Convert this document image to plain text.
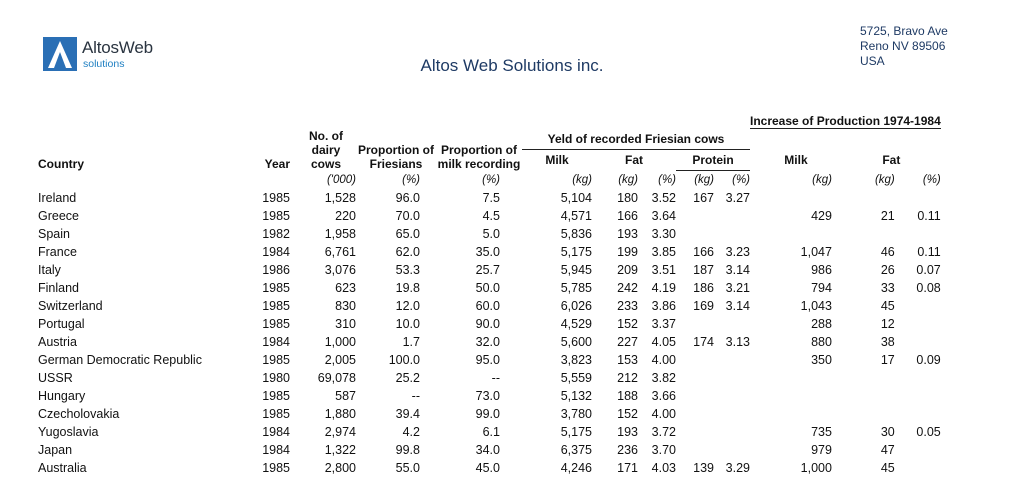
AltosWeb
solutions	Altos Web Solutions inc.
5725, Bravo Ave
Reno NV 89506
USA
										Increase of Production 1974-1984		
Country	Year	No. of dairy cows	Proportion of Friesians	Proportion of milk recording	Yeld of recorded Friesian cows							
					Milk	Fat		Protein		Milk	Fat	
		('000)	(%)	(%)	(kg)	(kg)	(%)	(kg)	(%)	(kg)	(kg)	(%)
Ireland	1985	1,528	96.0	7.5	5,104	180	3.52	167	3.27			
Greece	1985	220	70.0	4.5	4,571	166	3.64			429	21	0.11
Spain	1982	1,958	65.0	5.0	5,836	193	3.30					
France	1984	6,761	62.0	35.0	5,175	199	3.85	166	3.23	1,047	46	0.11
Italy	1986	3,076	53.3	25.7	5,945	209	3.51	187	3.14	986	26	0.07
Finland	1985	623	19.8	50.0	5,785	242	4.19	186	3.21	794	33	0.08
Switzerland	1985	830	12.0	60.0	6,026	233	3.86	169	3.14	1,043	45	
Portugal	1985	310	10.0	90.0	4,529	152	3.37			288	12	
Austria	1984	1,000	1.7	32.0	5,600	227	4.05	174	3.13	880	38	
German Democratic Republic	1985	2,005	100.0	95.0	3,823	153	4.00			350	17	0.09
USSR	1980	69,078	25.2	--	5,559	212	3.82					
Hungary	1985	587	--	73.0	5,132	188	3.66					
Czecholovakia	1985	1,880	39.4	99.0	3,780	152	4.00					
Yugoslavia	1984	2,974	4.2	6.1	5,175	193	3.72			735	30	0.05
Japan	1984	1,322	99.8	34.0	6,375	236	3.70			979	47	
Australia	1985	2,800	55.0	45.0	4,246	171	4.03	139	3.29	1,000	45	
